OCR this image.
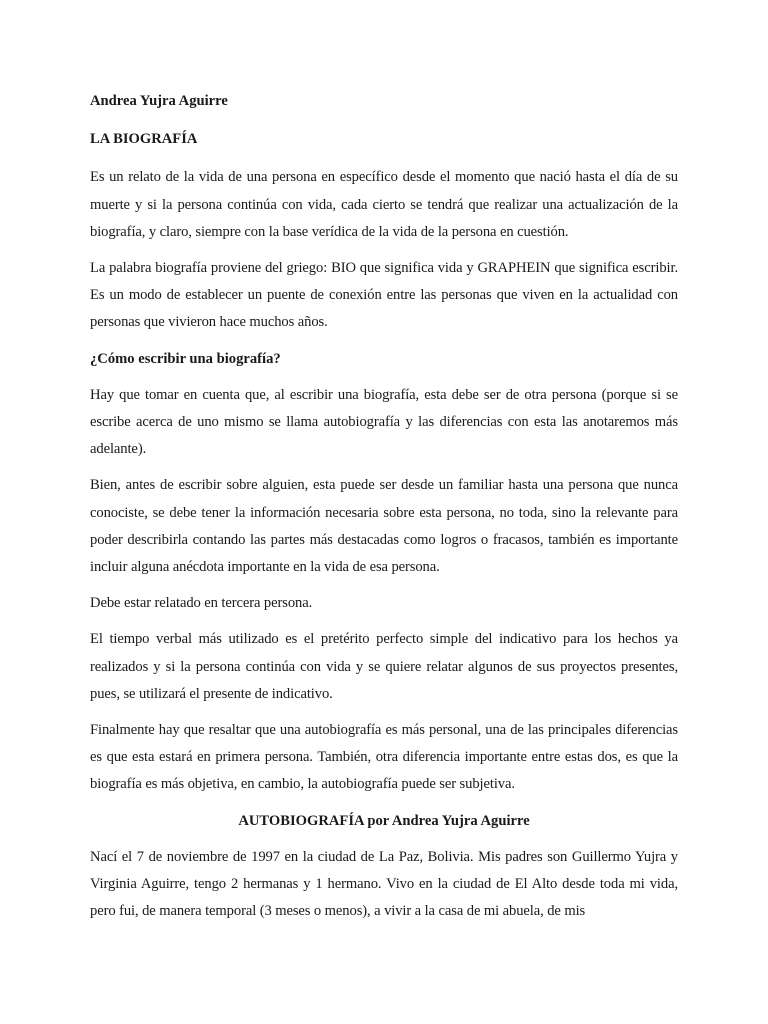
Andrea Yujra Aguirre

LA BIOGRAFÍA

Es un relato de la vida de una persona en específico desde el momento que nació hasta el día de su muerte y si la persona continúa con vida, cada cierto se tendrá que realizar una actualización de la biografía, y claro, siempre con la base verídica de la vida de la persona en cuestión.

La palabra biografía proviene del griego: BIO que significa vida y GRAPHEIN que significa escribir. Es un modo de establecer un puente de conexión entre las personas que viven en la actualidad con personas que vivieron hace muchos años.

¿Cómo escribir una biografía?

Hay que tomar en cuenta que, al escribir una biografía, esta debe ser de otra persona (porque si se escribe acerca de uno mismo se llama autobiografía y las diferencias con esta las anotaremos más adelante).

Bien, antes de escribir sobre alguien, esta puede ser desde un familiar hasta una persona que nunca conociste, se debe tener la información necesaria sobre esta persona, no toda, sino la relevante para poder describirla contando las partes más destacadas como logros o fracasos, también es importante incluir alguna anécdota importante en la vida de esa persona.

Debe estar relatado en tercera persona.

El tiempo verbal más utilizado es el pretérito perfecto simple del indicativo para los hechos ya realizados y si la persona continúa con vida y se quiere relatar algunos de sus proyectos presentes, pues, se utilizará el presente de indicativo.

Finalmente hay que resaltar que una autobiografía es más personal, una de las principales diferencias es que esta estará en primera persona. También, otra diferencia importante entre estas dos, es que la biografía es más objetiva, en cambio, la autobiografía puede ser subjetiva.

AUTOBIOGRAFÍA por Andrea Yujra Aguirre

Nací el 7 de noviembre de 1997 en la ciudad de La Paz, Bolivia. Mis padres son Guillermo Yujra y Virginia Aguirre, tengo 2 hermanas y 1 hermano. Vivo en la ciudad de El Alto desde toda mi vida, pero fui, de manera temporal (3 meses o menos), a vivir a la casa de mi abuela, de mis
